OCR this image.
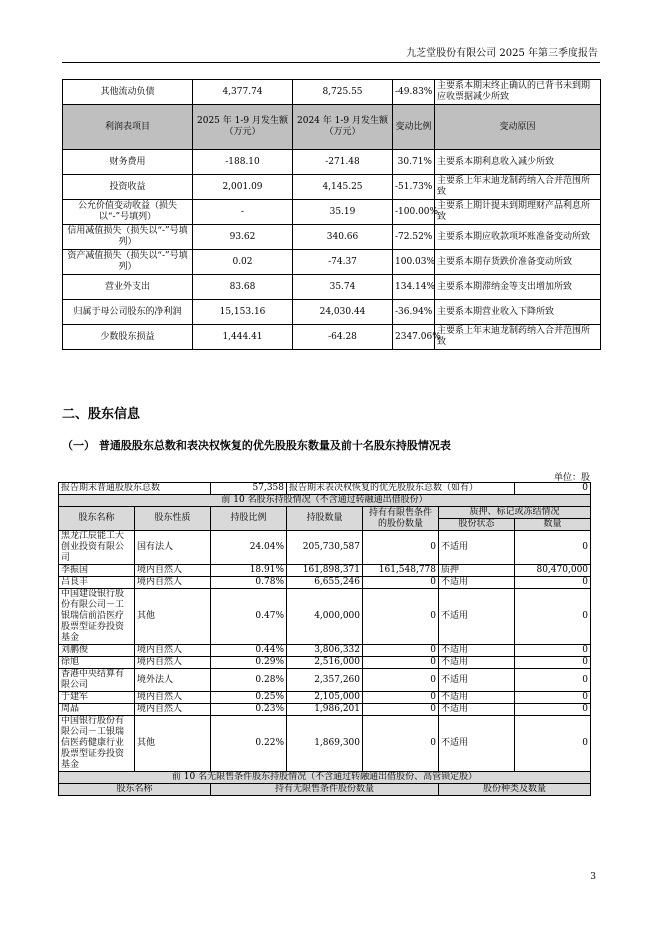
九芝堂股份有限公司 2025 年第三季度报告
其他流动负债	4,377.74	8,725.55	-49.83%	主要系本期末终止确认的已背书未到期应收票据减少所致
利润表项目	2025 年 1-9 月发生额（万元）	2024 年 1-9 月发生额（万元）	变动比例	变动原因
财务费用	-188.10	-271.48	30.71%	主要系本期利息收入减少所致
投资收益	2,001.09	4,145.25	-51.73%	主要系上年末迪龙制药纳入合并范围所致
公允价值变动收益（损失以“-”号填列）	-	35.19	-100.00%	主要系上期计提未到期理财产品利息所致
信用减值损失（损失以“-”号填列）	93.62	340.66	-72.52%	主要系本期应收款项坏账准备变动所致
资产减值损失（损失以“-”号填列）	0.02	-74.37	100.03%	主要系本期存货跌价准备变动所致
营业外支出	83.68	35.74	134.14%	主要系本期滞纳金等支出增加所致
归属于母公司股东的净利润	15,153.16	24,030.44	-36.94%	主要系本期营业收入下降所致
少数股东损益	1,444.41	-64.28	2347.06%	主要系上年末迪龙制药纳入合并范围所致
二、股东信息
（一） 普通股股东总数和表决权恢复的优先股股东数量及前十名股东持股情况表
单位：股
报告期末普通股股东总数		57,358	报告期末表决权恢复的优先股股东总数（如有）			0
前 10 名股东持股情况（不含通过转融通出借股份）						
股东名称	股东性质	持股比例	持股数量	持有有限售条件的股份数量	质押、标记或冻结情况	
					股份状态	数量
黑龙江辰能工大创业投资有限公司	国有法人	24.04%	205,730,587	0	不适用	0
李振国	境内自然人	18.91%	161,898,371	161,548,778	质押	80,470,000
吕良丰	境内自然人	0.78%	6,655,246	0	不适用	0
中国建设银行股份有限公司－工银瑞信前沿医疗股票型证券投资基金	其他	0.47%	4,000,000	0	不适用	0
刘鹏俊	境内自然人	0.44%	3,806,332	0	不适用	0
徐旭	境内自然人	0.29%	2,516,000	0	不适用	0
香港中央结算有限公司	境外法人	0.28%	2,357,260	0	不适用	0
于建军	境内自然人	0.25%	2,105,000	0	不适用	0
周晶	境内自然人	0.23%	1,986,201	0	不适用	0
中国银行股份有限公司－工银瑞信医药健康行业股票型证券投资基金	其他	0.22%	1,869,300	0	不适用	0
前 10 名无限售条件股东持股情况（不含通过转融通出借股份、高管锁定股）						
股东名称		持有无限售条件股份数量			股份种类及数量	
3
